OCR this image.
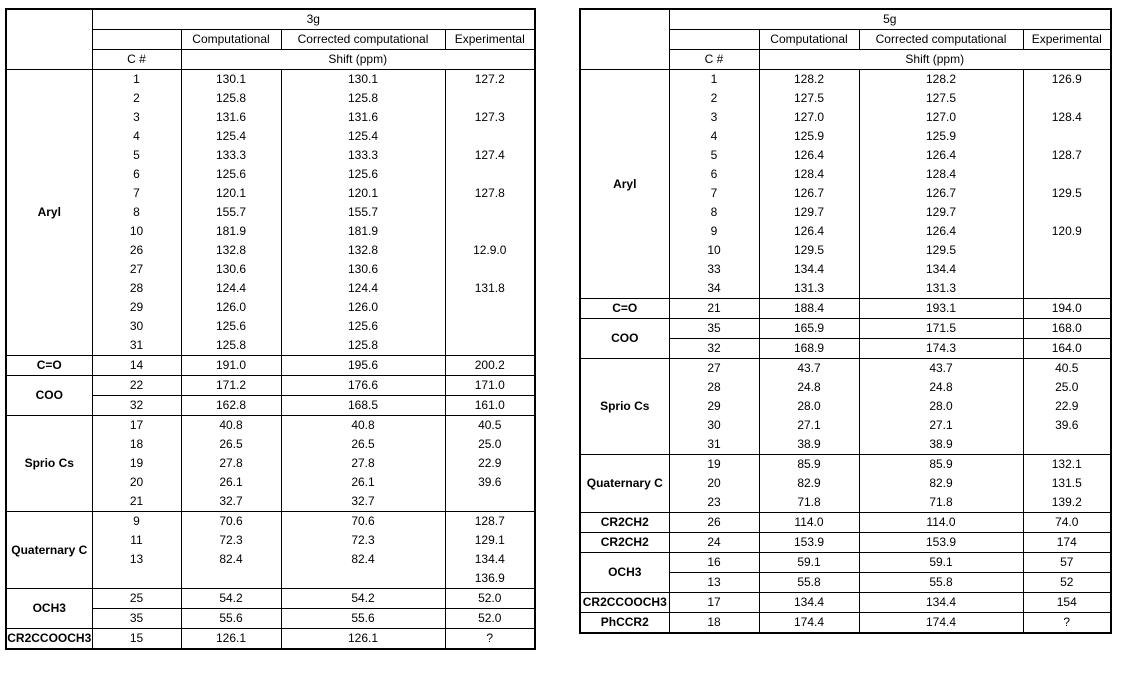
	3g			
		Computational	Corrected computational	Experimental
	C #	Shift (ppm)		
Aryl	1	130.1	130.1	127.2
	2	125.8	125.8	
	3	131.6	131.6	127.3
	4	125.4	125.4	
	5	133.3	133.3	127.4
	6	125.6	125.6	
	7	120.1	120.1	127.8
	8	155.7	155.7	
	10	181.9	181.9	
	26	132.8	132.8	12.9.0
	27	130.6	130.6	
	28	124.4	124.4	131.8
	29	126.0	126.0	
	30	125.6	125.6	
	31	125.8	125.8	
C=O	14	191.0	195.6	200.2
COO	22	171.2	176.6	171.0
	32	162.8	168.5	161.0
Sprio Cs	17	40.8	40.8	40.5
	18	26.5	26.5	25.0
	19	27.8	27.8	22.9
	20	26.1	26.1	39.6
	21	32.7	32.7	
Quaternary C	9	70.6	70.6	128.7
	11	72.3	72.3	129.1
	13	82.4	82.4	134.4
				136.9
OCH3	25	54.2	54.2	52.0
	35	55.6	55.6	52.0
CR2CCOOCH3	15	126.1	126.1	?
	5g			
		Computational	Corrected computational	Experimental
	C #	Shift (ppm)		
Aryl	1	128.2	128.2	126.9
	2	127.5	127.5	
	3	127.0	127.0	128.4
	4	125.9	125.9	
	5	126.4	126.4	128.7
	6	128.4	128.4	
	7	126.7	126.7	129.5
	8	129.7	129.7	
	9	126.4	126.4	120.9
	10	129.5	129.5	
	33	134.4	134.4	
	34	131.3	131.3	
C=O	21	188.4	193.1	194.0
COO	35	165.9	171.5	168.0
	32	168.9	174.3	164.0
Sprio Cs	27	43.7	43.7	40.5
	28	24.8	24.8	25.0
	29	28.0	28.0	22.9
	30	27.1	27.1	39.6
	31	38.9	38.9	
Quaternary C	19	85.9	85.9	132.1
	20	82.9	82.9	131.5
	23	71.8	71.8	139.2
CR2CH2	26	114.0	114.0	74.0
CR2CH2	24	153.9	153.9	174
OCH3	16	59.1	59.1	57
	13	55.8	55.8	52
CR2CCOOCH3	17	134.4	134.4	154
PhCCR2	18	174.4	174.4	?
